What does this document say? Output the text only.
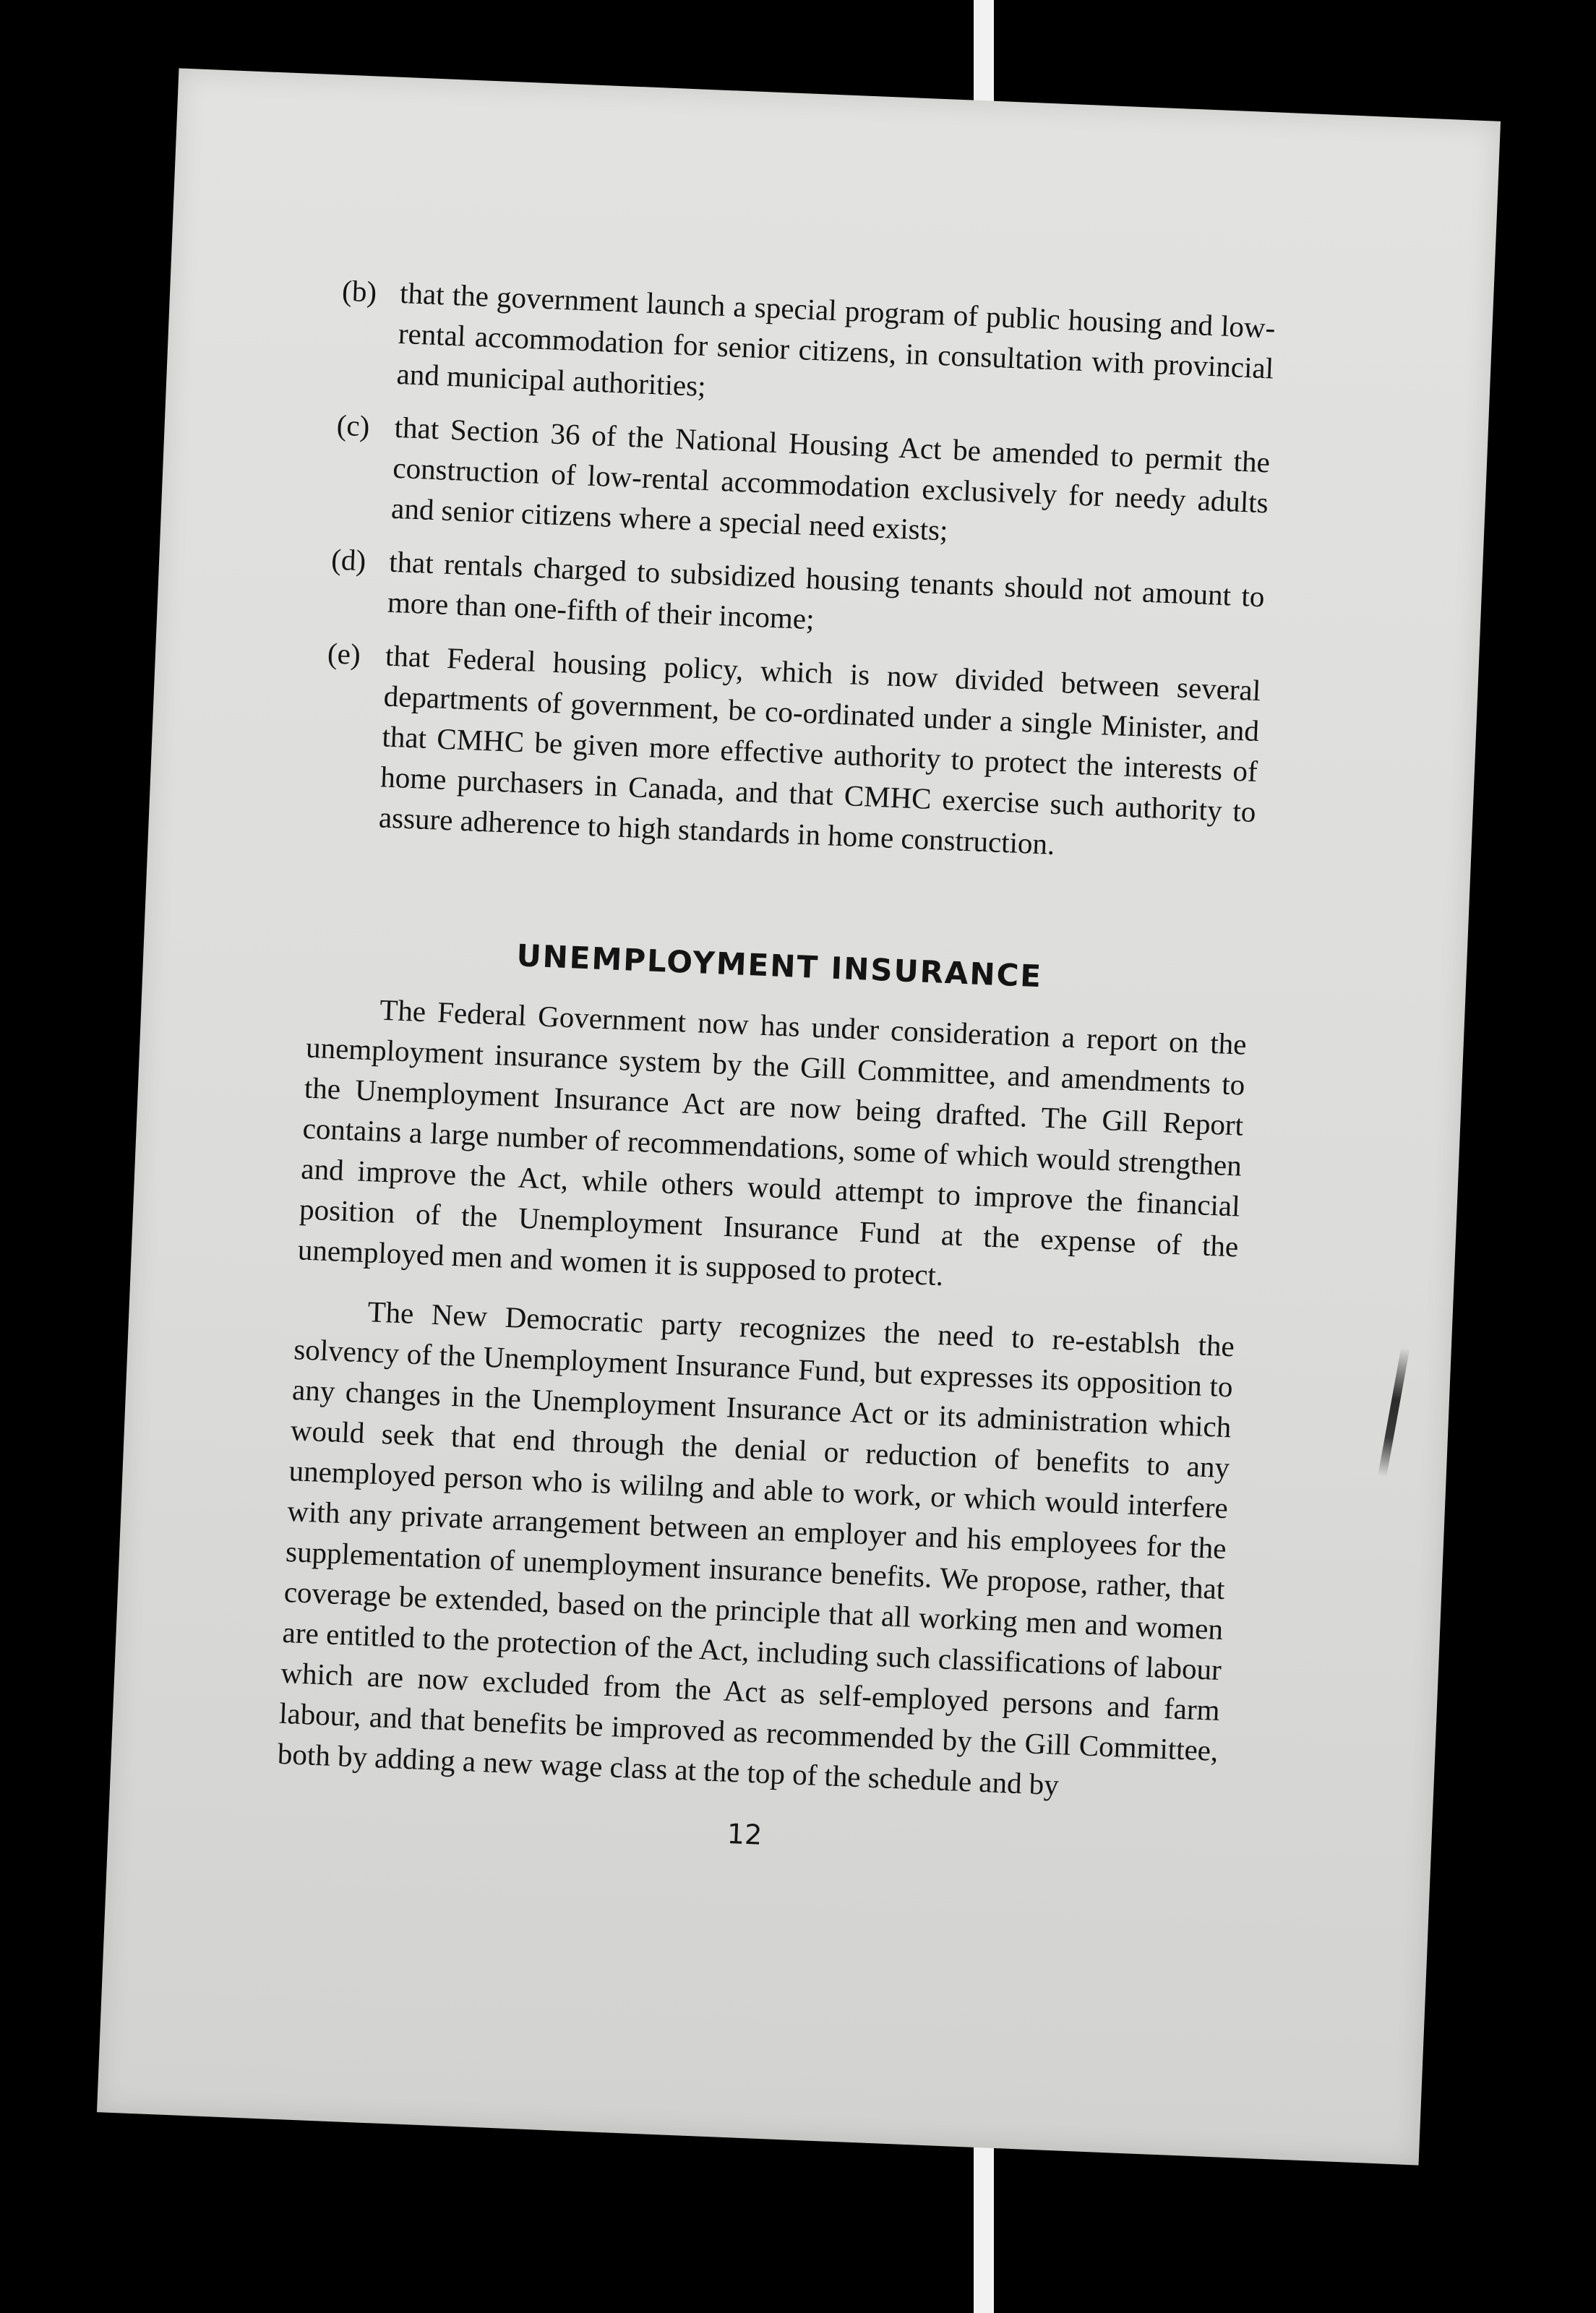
(b) that the government launch a special program of public housing and low-rental accommodation for senior citizens, in consultation with provincial and municipal authorities;
(c) that Section 36 of the National Housing Act be amended to permit the construction of low-rental accommodation exclusively for needy adults and senior citizens where a special need exists;
(d) that rentals charged to subsidized housing tenants should not amount to more than one-fifth of their income;
(e) that Federal housing policy, which is now divided between several departments of government, be co-ordinated under a single Minister, and that CMHC be given more effective authority to protect the interests of home purchasers in Canada, and that CMHC exercise such authority to assure adherence to high standards in home construction.
UNEMPLOYMENT INSURANCE

The Federal Government now has under consideration a report on the unemployment insurance system by the Gill Committee, and amendments to the Unemployment Insurance Act are now being drafted. The Gill Report contains a large number of recommendations, some of which would strengthen and improve the Act, while others would attempt to improve the financial position of the Unemployment Insurance Fund at the expense of the unemployed men and women it is supposed to protect.

The New Democratic party recognizes the need to re-establsh the solvency of the Unemployment Insurance Fund, but expresses its opposition to any changes in the Unemployment Insurance Act or its administration which would seek that end through the denial or reduction of benefits to any unemployed person who is wililng and able to work, or which would interfere with any private arrangement between an employer and his employees for the supplementation of unemployment insurance benefits. We propose, rather, that coverage be extended, based on the principle that all working men and women are entitled to the protection of the Act, including such classifications of labour which are now excluded from the Act as self-employed persons and farm labour, and that benefits be improved as recommended by the Gill Committee, both by adding a new wage class at the top of the schedule and by

12
